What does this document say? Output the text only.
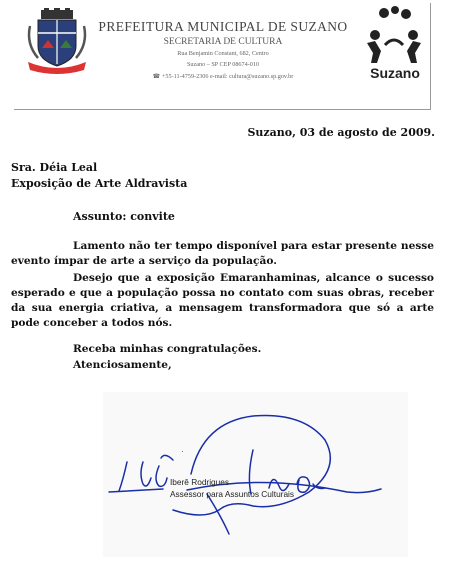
PREFEITURA MUNICIPAL DE SUZANO
SECRETARIA DE CULTURA
Rua Benjamin Constant, 682, Centro
Suzano – SP CEP 08674-010
☎ +55-11-4759-2306 e-mail: cultura@suzano.sp.gov.br	Suzano
Suzano, 03 de agosto de 2009.
Sra. Déia Leal
Exposição de Arte Aldravista
Assunto: convite

Lamento não ter tempo disponível para estar presente nesse evento ímpar de arte a serviço da população.

Desejo que a exposição Emaranhaminas, alcance o sucesso esperado e que a população possa no contato com suas obras, receber da sua energia criativa, a mensagem transformadora que só a arte pode conceber a todos nós.

Receba minhas congratulações.
Atenciosamente,
·
Iberê Rodrigues
Assessor para Assuntos Culturais
